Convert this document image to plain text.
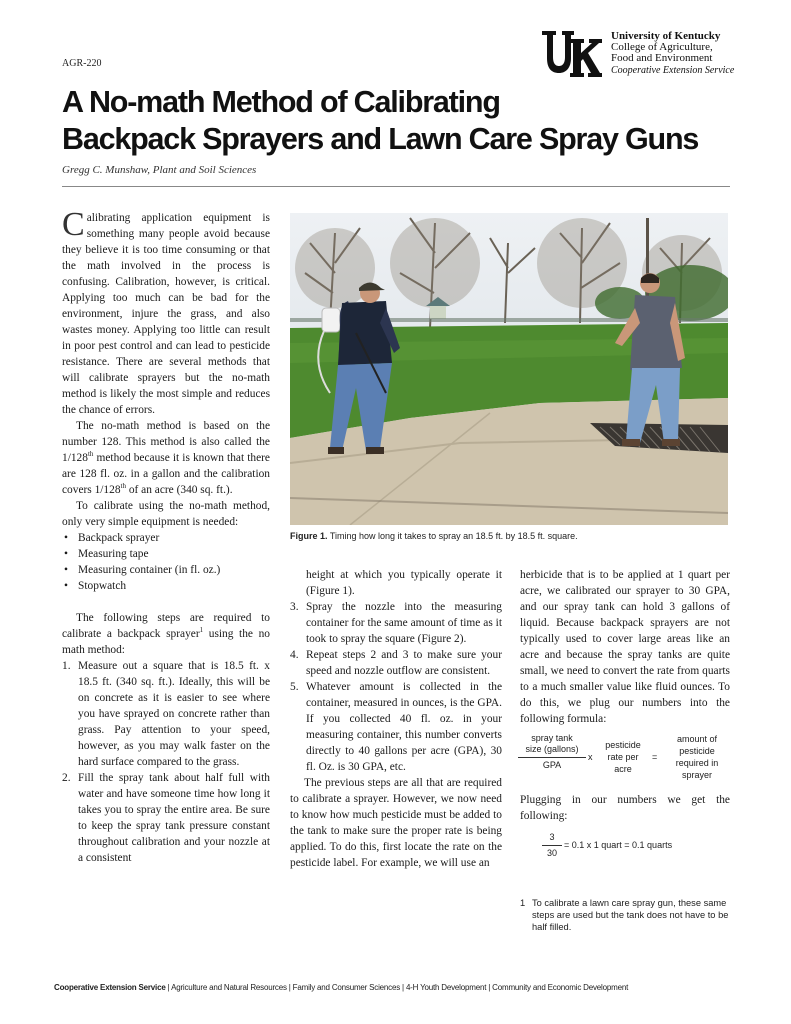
AGR-220
University of Kentucky
College of Agriculture,
Food and Environment
Cooperative Extension Service
A No-math Method of Calibrating
Backpack Sprayers and Lawn Care Spray Guns
Gregg C. Munshaw, Plant and Soil Sciences

Calibrating application equipment is something many people avoid because they believe it is too time consuming or that the math involved in the process is confusing. Calibration, however, is critical. Applying too much can be bad for the environment, injure the grass, and also wastes money. Applying too little can result in poor pest control and can lead to pesticide resistance. There are several methods that will calibrate sprayers but the no-math method is likely the most simple and reduces the chance of errors.

The no-math method is based on the number 128. This method is also called the 1/128th method because it is known that there are 128 fl. oz. in a gallon and the calibration covers 1/128th of an acre (340 sq. ft.).

To calibrate using the no-math method, only very simple equipment is needed:

• Backpack sprayer
• Measuring tape
• Measuring container (in fl. oz.)
• Stopwatch

The following steps are required to calibrate a backpack sprayer$^1$ using the no math method:

1. Measure out a square that is 18.5 ft. x 18.5 ft. (340 sq. ft.). Ideally, this will be on concrete as it is easier to see where you have sprayed on concrete rather than grass. Pay attention to your speed, however, as you may walk faster on the hard surface compared to the grass.
2. Fill the spray tank about half full with water and have someone time how long it takes you to spray the entire area. Be sure to keep the spray tank pressure constant throughout calibration and your nozzle at a consistent
Figure 1. Timing how long it takes to spray an 18.5 ft. by 18.5 ft. square.
height at which you typically operate it (Figure 1).
3. Spray the nozzle into the measuring container for the same amount of time as it took to spray the square (Figure 2).
4. Repeat steps 2 and 3 to make sure your speed and nozzle outflow are consistent.
5. Whatever amount is collected in the container, measured in ounces, is the GPA. If you collected 40 fl. oz. in your measuring container, this number converts directly to 40 gallons per acre (GPA), 30 fl. Oz. is 30 GPA, etc.

The previous steps are all that are required to calibrate a sprayer. However, we now need to know how much pesticide must be added to the tank to make sure the proper rate is being applied. To do this, first locate the rate on the pesticide label. For example, we will use an

herbicide that is to be applied at 1 quart per acre, we calibrated our sprayer to 30 GPA, and our spray tank can hold 3 gallons of liquid. Because backpack sprayers are not typically used to cover large areas like an acre and because the spray tanks are quite small, we need to convert the rate from quarts to a much smaller value like fluid ounces. To do this, we plug our numbers into the following formula:

spray tank
size (gallons)
GPA
x
pesticide
rate per
acre
=
amount of
pesticide
required in
sprayer
Plugging in our numbers we get the following:
3
30
= 0.1 x 1 quart = 0.1 quarts
1 To calibrate a lawn care spray gun, these same steps are used but the tank does not have to be half filled.
Cooperative Extension Service | Agriculture and Natural Resources | Family and Consumer Sciences | 4-H Youth Development | Community and Economic Development
